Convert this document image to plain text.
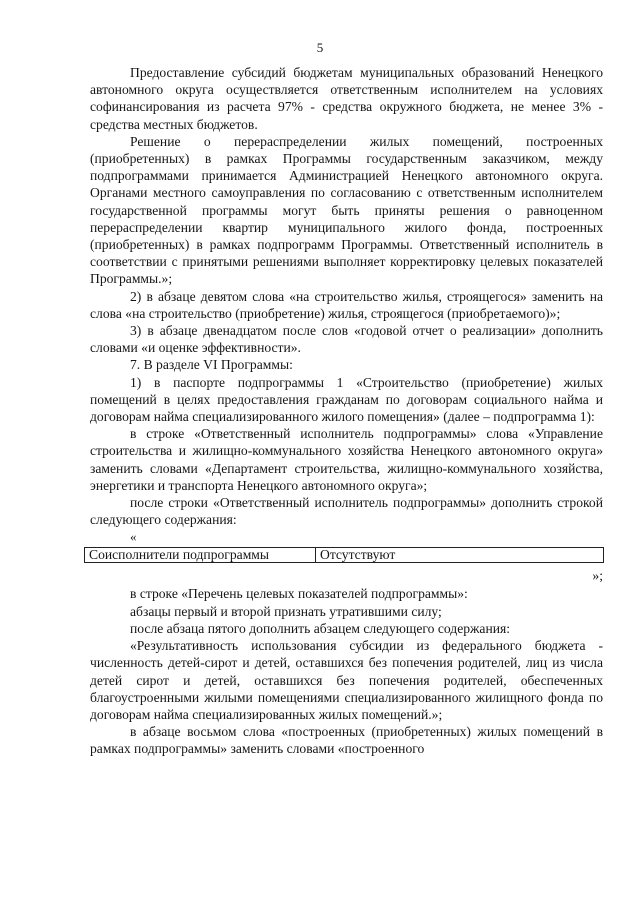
5

Предоставление субсидий бюджетам муниципальных образований Ненецкого автономного округа осуществляется ответственным исполнителем на условиях софинансирования из расчета 97% - средства окружного бюджета, не менее 3% - средства местных бюджетов.

Решение о перераспределении жилых помещений, построенных (приобретенных) в рамках Программы государственным заказчиком, между подпрограммами принимается Администрацией Ненецкого автономного округа. Органами местного самоуправления по согласованию с ответственным исполнителем государственной программы могут быть приняты решения о равноценном перераспределении квартир муниципального жилого фонда, построенных (приобретенных) в рамках подпрограмм Программы. Ответственный исполнитель в соответствии с принятыми решениями выполняет корректировку целевых показателей Программы.»;

2) в абзаце девятом слова «на строительство жилья, строящегося» заменить на слова «на строительство (приобретение) жилья, строящегося (приобретаемого)»;

3) в абзаце двенадцатом после слов «годовой отчет о реализации» дополнить словами «и оценке эффективности».

7. В разделе VI Программы:

1) в паспорте подпрограммы 1 «Строительство (приобретение) жилых помещений в целях предоставления гражданам по договорам социального найма и договорам найма специализированного жилого помещения» (далее – подпрограмма 1):

в строке «Ответственный исполнитель подпрограммы» слова «Управление строительства и жилищно-коммунального хозяйства Ненецкого автономного округа» заменить словами «Департамент строительства, жилищно-коммунального хозяйства, энергетики и транспорта Ненецкого автономного округа»;

после строки «Ответственный исполнитель подпрограммы» дополнить строкой следующего содержания:

«
Соисполнители подпрограммы	Отсутствуют
»;

в строке «Перечень целевых показателей подпрограммы»:

абзацы первый и второй признать утратившими силу;

после абзаца пятого дополнить абзацем следующего содержания:

«Результативность использования субсидии из федерального бюджета - численность детей-сирот и детей, оставшихся без попечения родителей, лиц из числа детей сирот и детей, оставшихся без попечения родителей, обеспеченных благоустроенными жилыми помещениями специализированного жилищного фонда по договорам найма специализированных жилых помещений.»;

в абзаце восьмом слова «построенных (приобретенных) жилых помещений в рамках подпрограммы» заменить словами «построенного
